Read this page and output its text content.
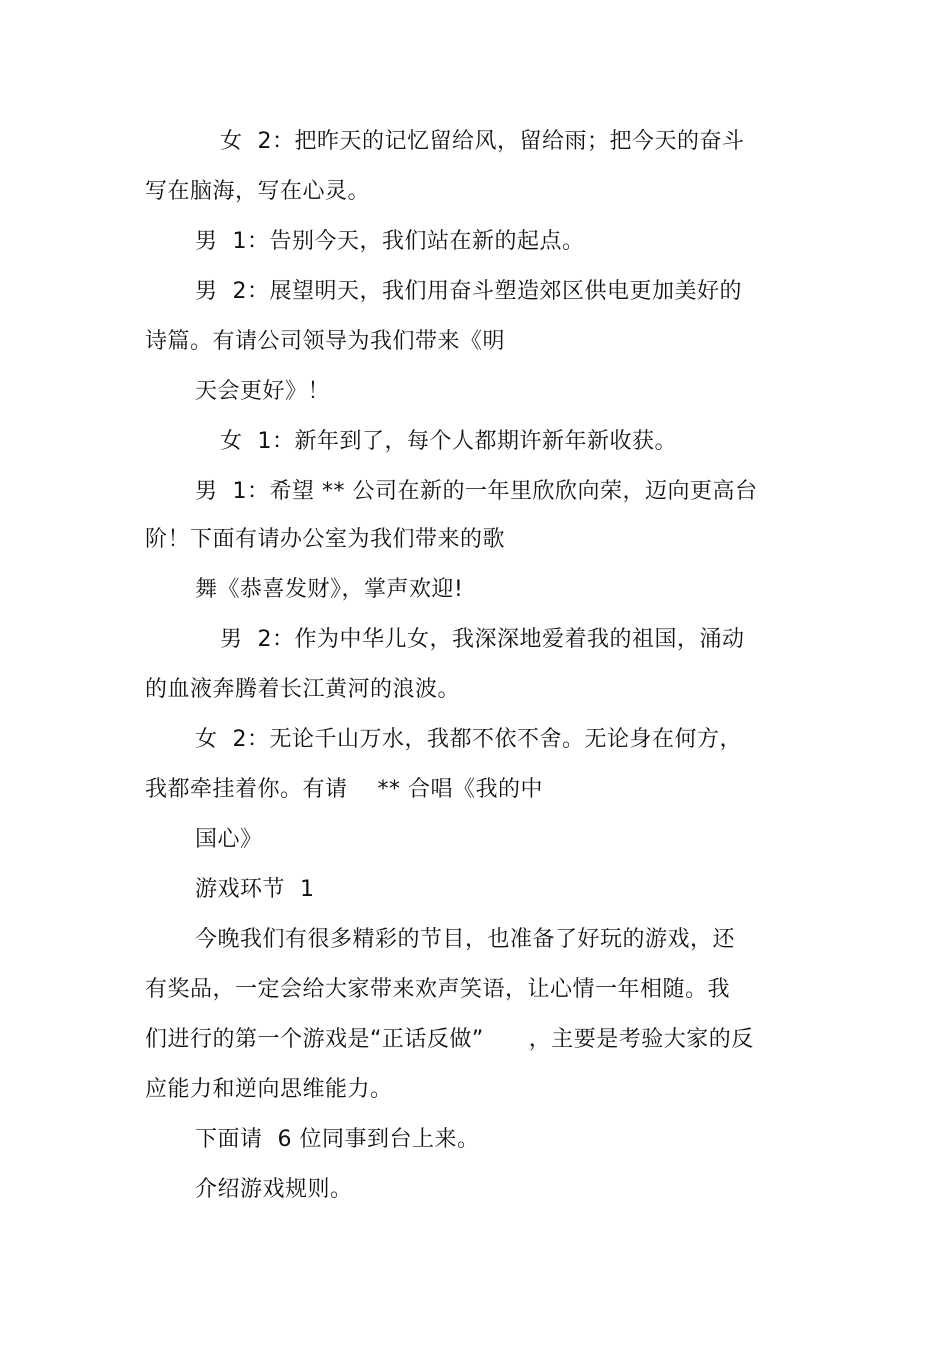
女  2：把昨天的记忆留给风，留给雨；把今天的奋斗
写在脑海，写在心灵。
男  1：告别今天，我们站在新的起点。
男  2：展望明天，我们用奋斗塑造郊区供电更加美好的
诗篇。有请公司领导为我们带来《明
天会更好》！
女  1：新年到了，每个人都期许新年新收获。
男  1：希望 ** 公司在新的一年里欣欣向荣，迈向更高台
阶！下面有请办公室为我们带来的歌
舞《恭喜发财》，掌声欢迎!
男  2：作为中华儿女，我深深地爱着我的祖国，涌动
的血液奔腾着长江黄河的浪波。
女  2：无论千山万水，我都不依不舍。无论身在何方，
我都牵挂着你。有请    ** 合唱《我的中
国心》
游戏环节  1
今晚我们有很多精彩的节目，也准备了好玩的游戏，还
有奖品，一定会给大家带来欢声笑语，让心情一年相随。我
们进行的第一个游戏是“正话反做”      ，主要是考验大家的反
应能力和逆向思维能力。
下面请  6 位同事到台上来。
介绍游戏规则。
